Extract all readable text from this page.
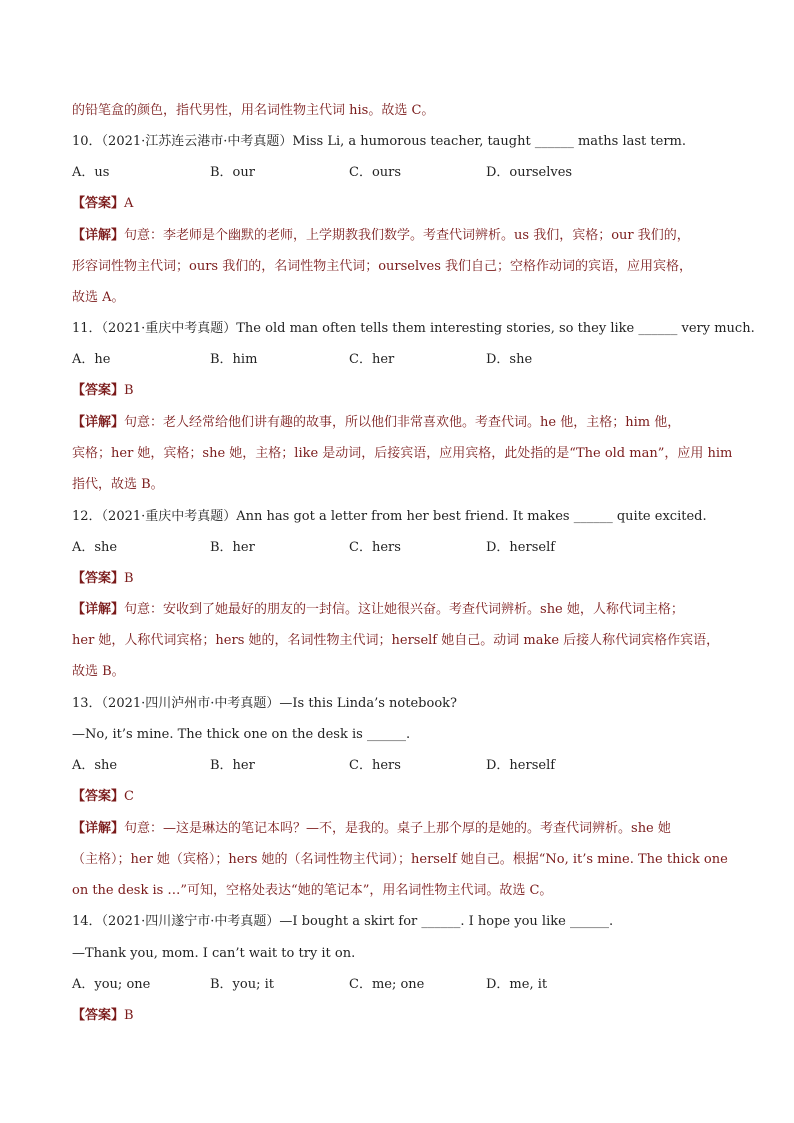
的铅笔盒的颜色，指代男性，用名词性物主代词 his。故选 C。
10．（2021·江苏连云港市·中考真题）Miss Li, a humorous teacher, taught ______ maths last term.
A．us	B．our	C．ours	D．ourselves
【答案】A
【详解】句意：李老师是个幽默的老师，上学期教我们数学。考查代词辨析。us 我们，宾格；our 我们的，
形容词性物主代词；ours 我们的，名词性物主代词；ourselves 我们自己；空格作动词的宾语，应用宾格，
故选 A。
11．（2021·重庆中考真题）The old man often tells them interesting stories, so they like ______ very much.
A．he	B．him	C．her	D．she
【答案】B
【详解】句意：老人经常给他们讲有趣的故事，所以他们非常喜欢他。考查代词。he 他，主格；him 他，
宾格；her 她，宾格；she 她，主格；like 是动词，后接宾语，应用宾格，此处指的是“The old man”，应用 him
指代，故选 B。
12．（2021·重庆中考真题）Ann has got a letter from her best friend. It makes ______ quite excited.
A．she	B．her	C．hers	D．herself
【答案】B
【详解】句意：安收到了她最好的朋友的一封信。这让她很兴奋。考查代词辨析。she 她，人称代词主格；
her 她，人称代词宾格；hers 她的，名词性物主代词；herself 她自己。动词 make 后接人称代词宾格作宾语，
故选 B。
13．（2021·四川泸州市·中考真题）—Is this Linda’s notebook?
—No, it’s mine. The thick one on the desk is ______.
A．she	B．her	C．hers	D．herself
【答案】C
【详解】句意：—这是琳达的笔记本吗？—不，是我的。桌子上那个厚的是她的。考查代词辨析。she 她
（主格）；her 她（宾格）；hers 她的（名词性物主代词）；herself 她自己。根据“No, it’s mine. The thick one
on the desk is …”可知，空格处表达“她的笔记本”，用名词性物主代词。故选 C。
14．（2021·四川遂宁市·中考真题）—I bought a skirt for ______. I hope you like ______.
—Thank you, mom. I can’t wait to try it on.
A．you; one	B．you; it	C．me; one	D．me, it
【答案】B
